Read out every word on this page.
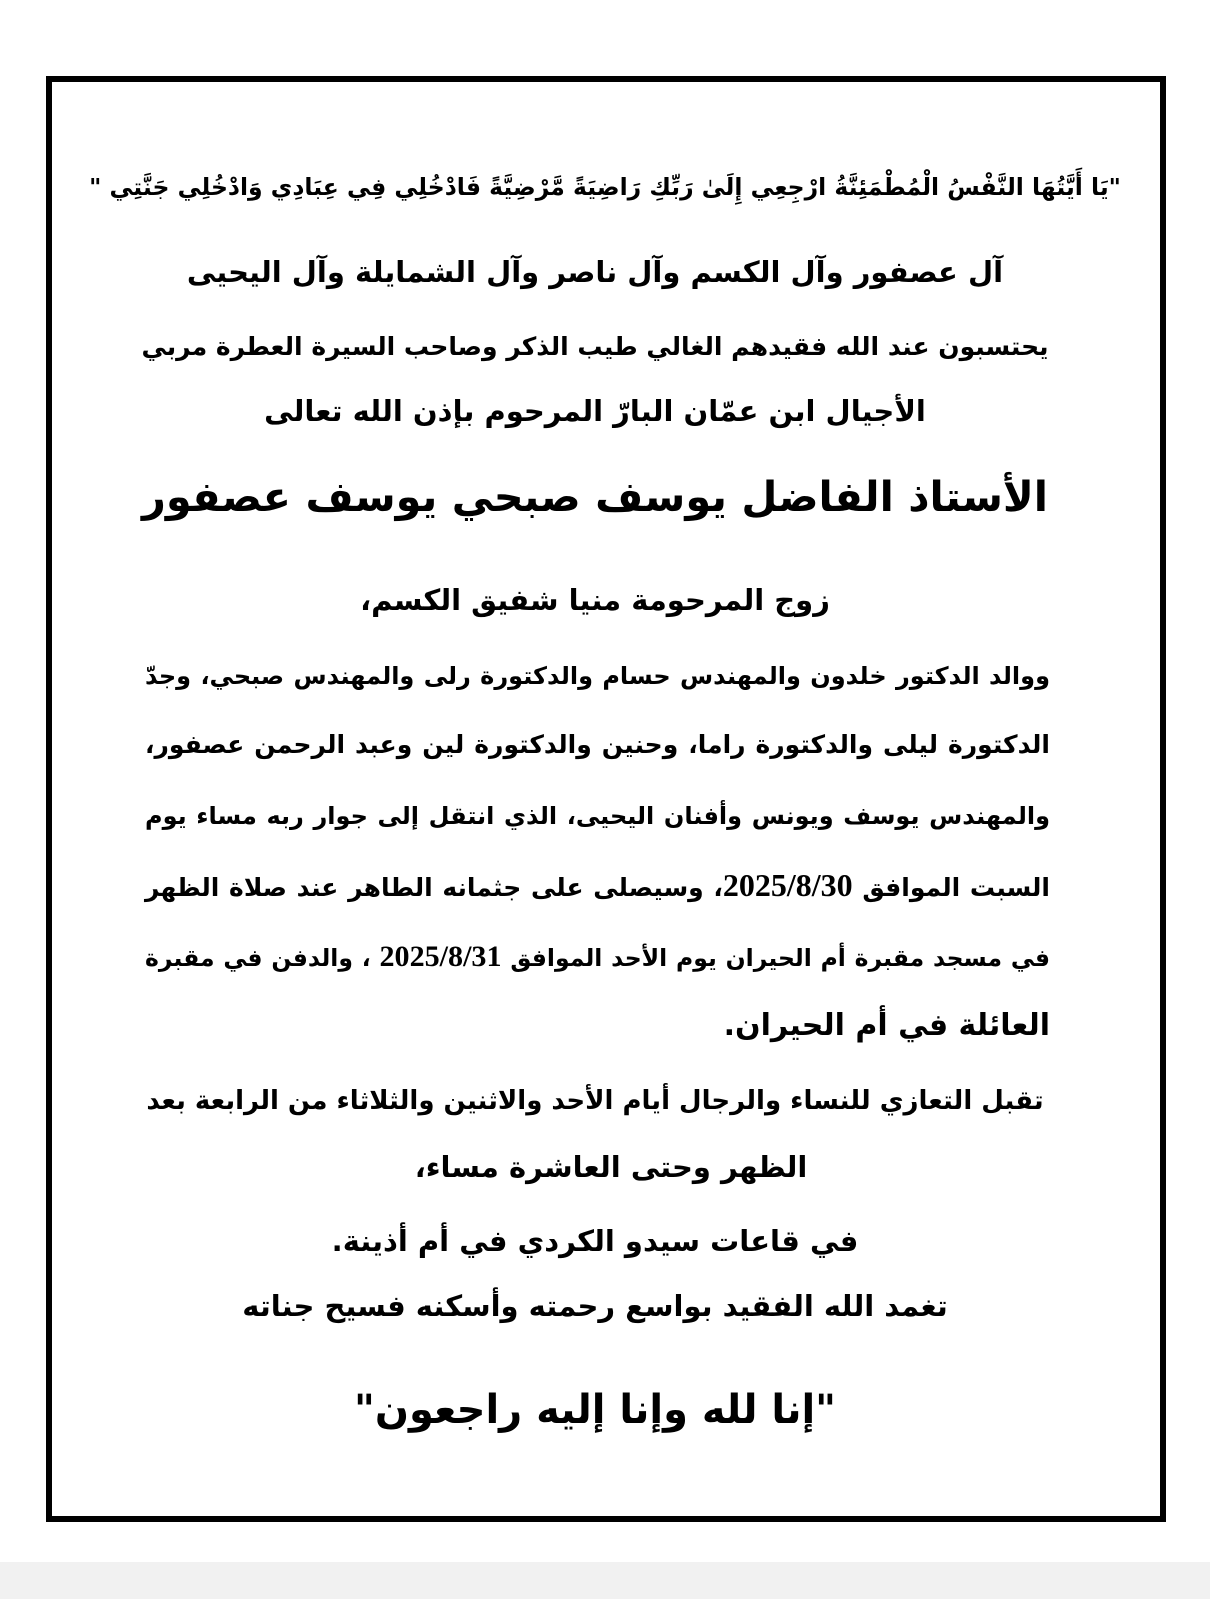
"يَا أَيَّتُهَا النَّفْسُ الْمُطْمَئِنَّةُ ارْجِعِي إِلَىٰ رَبِّكِ رَاضِيَةً مَّرْضِيَّةً فَادْخُلِي فِي عِبَادِي وَادْخُلِي جَنَّتِي "
آل عصفور وآل الكسم وآل ناصر وآل الشمايلة وآل اليحيى
يحتسبون عند الله فقيدهم الغالي طيب الذكر وصاحب السيرة العطرة مربي
الأجيال ابن عمّان البارّ المرحوم بإذن الله تعالى
الأستاذ الفاضل يوسف صبحي يوسف عصفور
زوج المرحومة منيا شفيق الكسم،
ووالد الدكتور خلدون والمهندس حسام والدكتورة رلى والمهندس صبحي، وجدّ
الدكتورة ليلى والدكتورة راما، وحنين والدكتورة لين وعبد الرحمن عصفور،
والمهندس يوسف ويونس وأفنان اليحيى، الذي انتقل إلى جوار ربه مساء يوم
السبت الموافق 2025/8/30، وسيصلى على جثمانه الطاهر عند صلاة الظهر
في مسجد مقبرة أم الحيران يوم الأحد الموافق 2025/8/31 ، والدفن في مقبرة
العائلة في أم الحيران.
تقبل التعازي للنساء والرجال أيام الأحد والاثنين والثلاثاء من الرابعة بعد
الظهر وحتى العاشرة مساء،
في قاعات سيدو الكردي في أم أذينة.
تغمد الله الفقيد بواسع رحمته وأسكنه فسيح جناته
"إنا لله وإنا إليه راجعون"
